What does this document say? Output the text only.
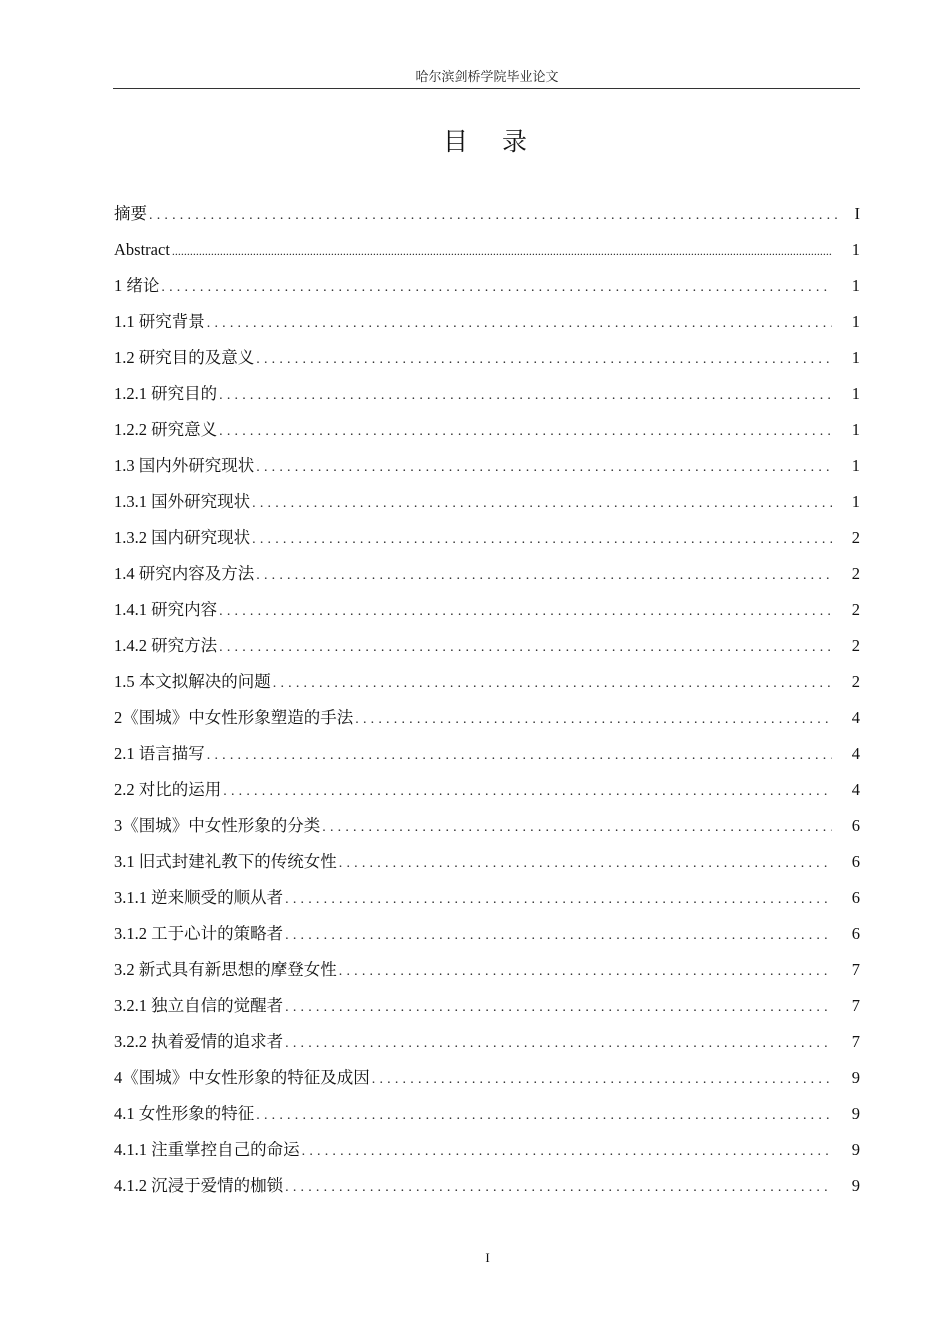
哈尔滨剑桥学院毕业论文
目 录
摘要 .....	I
Abstract .....	1
1 绪论 .....	1
1.1 研究背景 .....	1
1.2 研究目的及意义 .....	1
1.2.1 研究目的 .....	1
1.2.2 研究意义 .....	1
1.3 国内外研究现状 .....	1
1.3.1 国外研究现状 .....	1
1.3.2 国内研究现状 .....	2
1.4 研究内容及方法 .....	2
1.4.1 研究内容 .....	2
1.4.2 研究方法 .....	2
1.5 本文拟解决的问题 .....	2
2《围城》中女性形象塑造的手法 .....	4
2.1 语言描写 .....	4
2.2 对比的运用 .....	4
3《围城》中女性形象的分类 .....	6
3.1 旧式封建礼教下的传统女性 .....	6
3.1.1 逆来顺受的顺从者 .....	6
3.1.2 工于心计的策略者 .....	6
3.2 新式具有新思想的摩登女性 .....	7
3.2.1 独立自信的觉醒者 .....	7
3.2.2 执着爱情的追求者 .....	7
4《围城》中女性形象的特征及成因 .....	9
4.1 女性形象的特征 .....	9
4.1.1 注重掌控自己的命运 .....	9
4.1.2 沉浸于爱情的枷锁 .....	9
I
